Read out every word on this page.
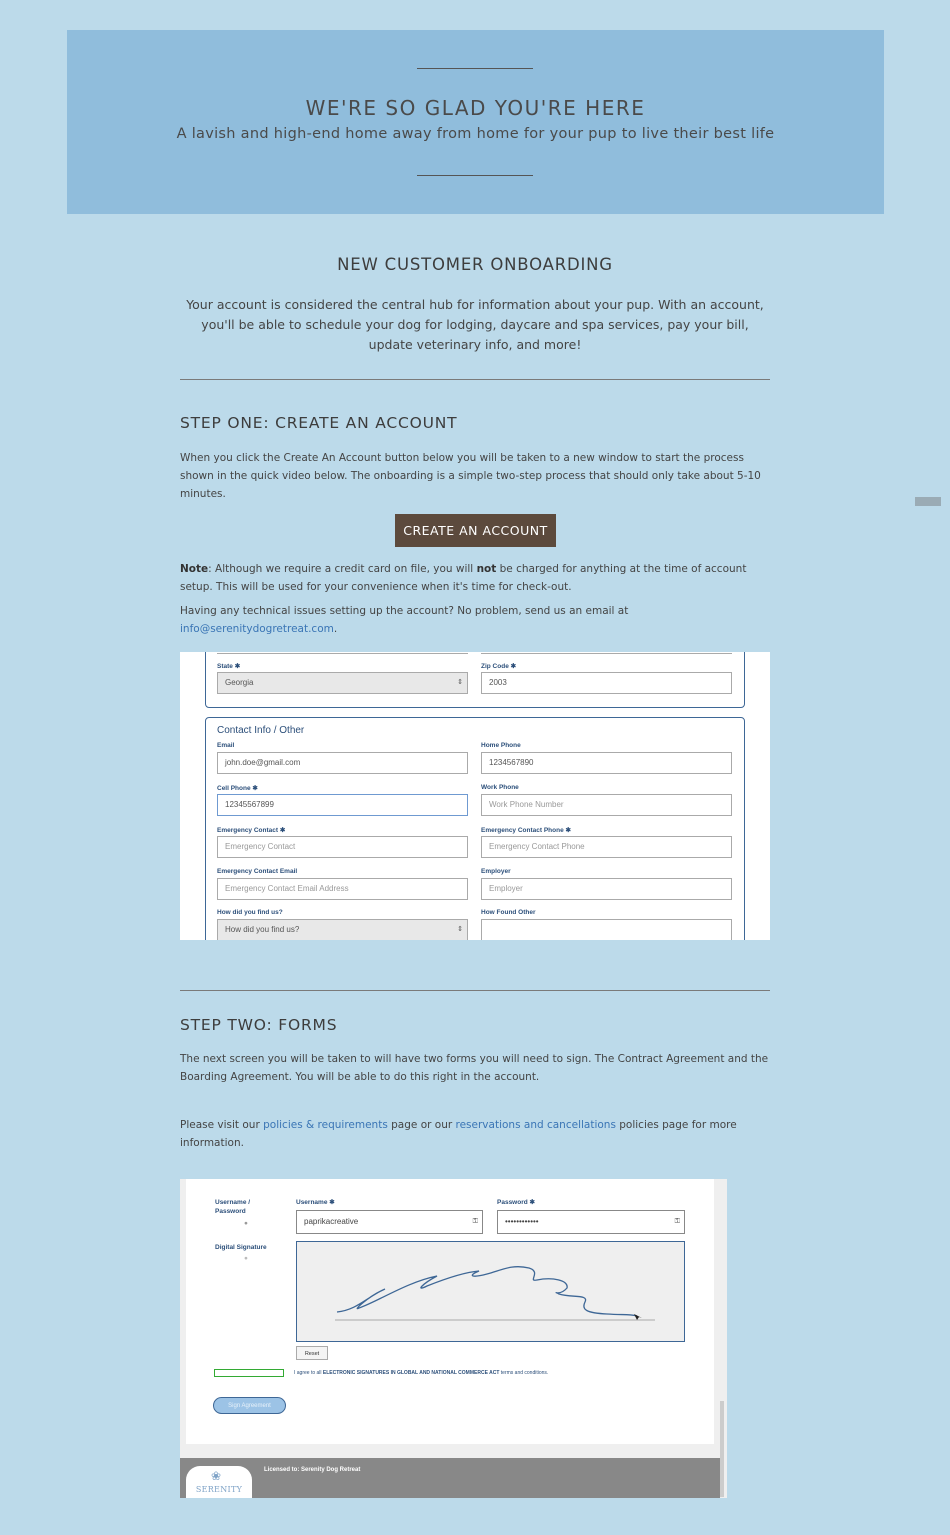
WE'RE SO GLAD YOU'RE HERE

A lavish and high-end home away from home for your pup to live their best life

NEW CUSTOMER ONBOARDING

Your account is considered the central hub for information about your pup. With an account, you'll be able to schedule your dog for lodging, daycare and spa services, pay your bill, update veterinary info, and more!

STEP ONE: CREATE AN ACCOUNT

When you click the Create An Account button below you will be taken to a new window to start the process shown in the quick video below. The onboarding is a simple two-step process that should only take about 5-10 minutes.

CREATE AN ACCOUNT

Note: Although we require a credit card on file, you will not be charged for anything at the time of account setup. This will be used for your convenience when it's time for check-out.

Having any technical issues setting up the account? No problem, send us an email at info@serenitydogretreat.com.

State ✱
Georgia	⇕
Zip Code ✱
2003
Contact Info / Other
Email
john.doe@gmail.com
Home Phone
1234567890
Cell Phone ✱
12345567899
Work Phone
Work Phone Number
Emergency Contact ✱
Emergency Contact
Emergency Contact Phone ✱
Emergency Contact Phone
Emergency Contact Email
Emergency Contact Email Address
Employer
Employer
How did you find us?
How did you find us?	⇕
How Found Other
STEP TWO: FORMS

The next screen you will be taken to will have two forms you will need to sign. The Contract Agreement and the Boarding Agreement. You will be able to do this right in the account.

Please visit our policies & requirements page or our reservations and cancellations policies page for more information.

Username / Password
●
Username ✱
paprikacreative	⚿
Password ✱
••••••••••••	⚿
Digital Signature
●
Reset
I agree to all ELECTRONIC SIGNATURES IN GLOBAL AND NATIONAL COMMERCE ACT terms and conditions.
Sign Agreement
❀
SERENITY
Licensed to: Serenity Dog Retreat
